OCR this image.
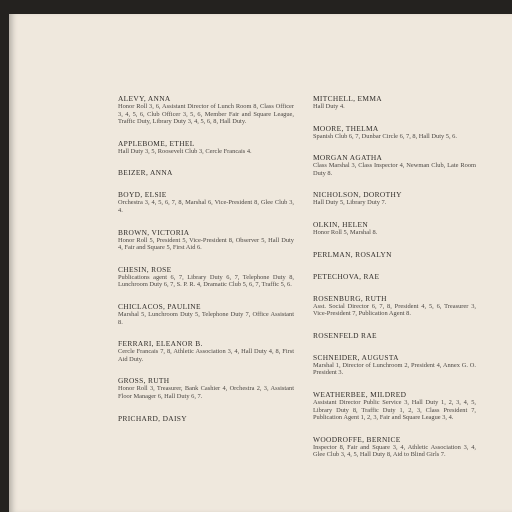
ALEVY, ANNA
Honor Roll 3, 6, Assistant Director of Lunch Room 8, Class Officer 3, 4, 5, 6, Club Officer 3, 5, 6, Member Fair and Square League, Traffic Duty, Library Duty 3, 4, 5, 6, 8, Hall Duty.
APPLEBOME, ETHEL
Hall Duty 3, 5, Roosevelt Club 3, Cercle Francais 4.
BEIZER, ANNA
BOYD, ELSIE
Orchestra 3, 4, 5, 6, 7, 8, Marshal 6, Vice-President 8, Glee Club 3, 4.
BROWN, VICTORIA
Honor Roll 5, President 5, Vice-President 8, Observer 5, Hall Duty 4, Fair and Square 5, First Aid 6.
CHESIN, ROSE
Publications agent 6, 7, Library Duty 6, 7, Telephone Duty 8, Lunchroom Duty 6, 7, S. P. R. 4, Dramatic Club 5, 6, 7, Traffic 5, 6.
CHICLACOS, PAULINE
Marshal 5, Lunchroom Duty 5, Telephone Duty 7, Office Assistant 8.
FERRARI, ELEANOR B.
Cercle Francais 7, 8, Athletic Association 3, 4, Hall Duty 4, 8, First Aid Duty.
GROSS, RUTH
Honor Roll 3, Treasurer, Bank Cashier 4, Orchestra 2, 3, Assistant Floor Manager 6, Hall Duty 6, 7.
PRICHARD, DAISY
MITCHELL, EMMA
Hall Duty 4.
MOORE, THELMA
Spanish Club 6, 7, Dunbar Circle 6, 7, 8, Hall Duty 5, 6.
MORGAN AGATHA
Class Marshal 3, Class Inspector 4, Newman Club, Late Room Duty 8.
NICHOLSON, DOROTHY
Hall Duty 5, Library Duty 7.
OLKIN, HELEN
Honor Roll 5, Marshal 8.
PERLMAN, ROSALYN
PETECHOVA, RAE
ROSENBURG, RUTH
Asst. Social Director 6, 7, 8, President 4, 5, 6, Treasurer 3, Vice-President 7, Publication Agent 8.
ROSENFELD RAE
SCHNEIDER, AUGUSTA
Marshal 1, Director of Lunchroom 2, President 4, Annex G. O. President 3.
WEATHERBEE, MILDRED
Assistant Director Public Service 3, Hall Duty 1, 2, 3, 4, 5, Library Duty 8, Traffic Duty 1, 2, 3, Class President 7, Publication Agent 1, 2, 3, Fair and Square League 3, 4.
WOODROFFE, BERNICE
Inspector 8, Fair and Square 3, 4, Athletic Association 3, 4, Glee Club 3, 4, 5, Hall Duty 8, Aid to Blind Girls 7.
